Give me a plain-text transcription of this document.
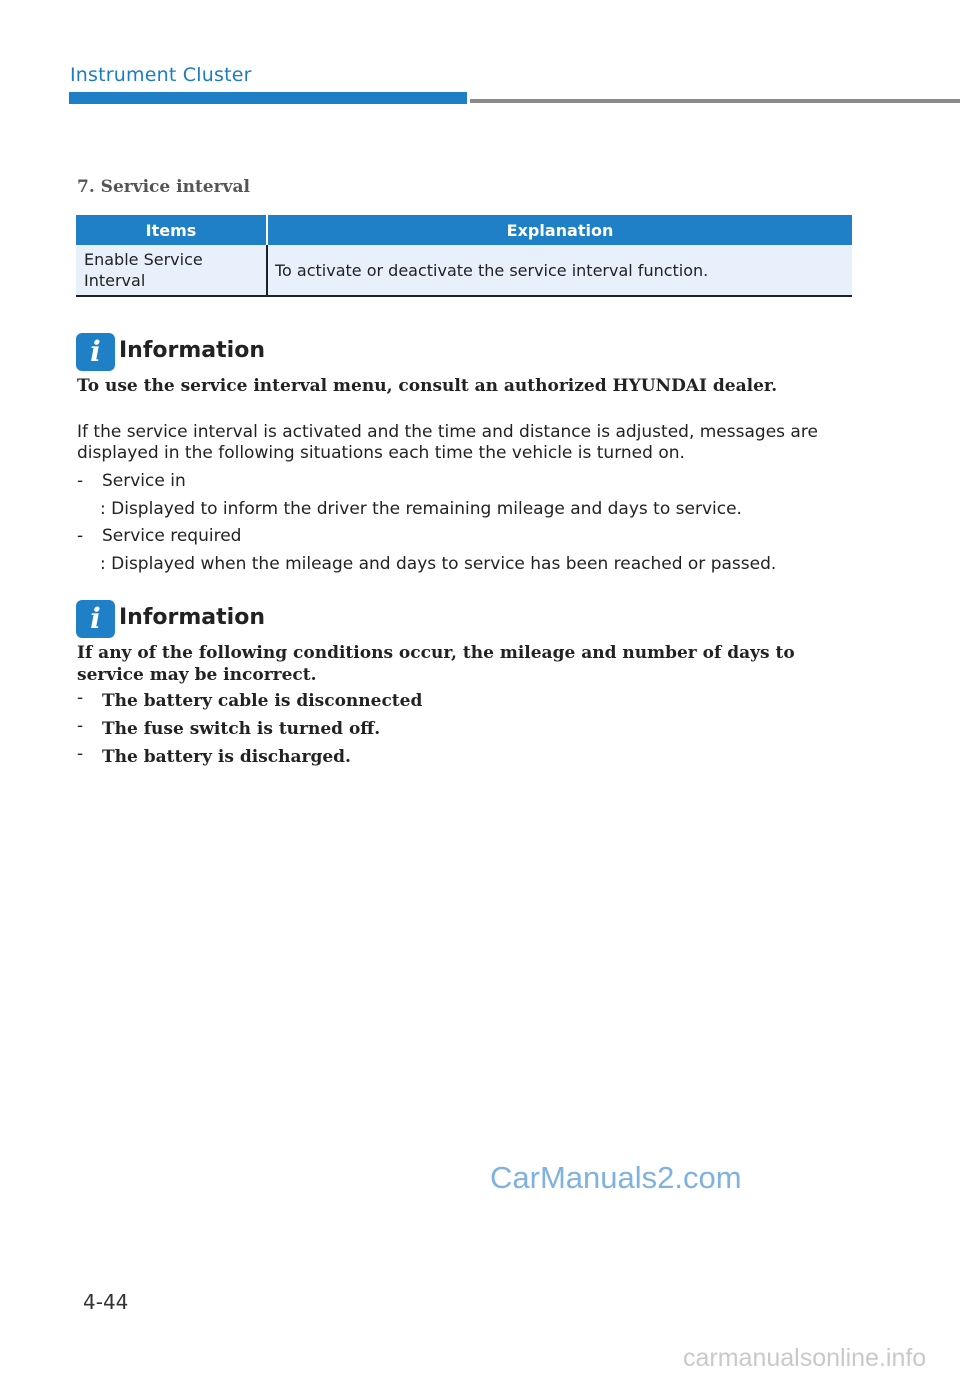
Instrument Cluster
7. Service interval
Items	Explanation
Enable Service Interval	To activate or deactivate the service interval function.
i Information
To use the service interval menu, consult an authorized HYUNDAI dealer.
If the service interval is activated and the time and distance is adjusted, messages are displayed in the following situations each time the vehicle is turned on.
- Service in
: Displayed to inform the driver the remaining mileage and days to service.
- Service required
: Displayed when the mileage and days to service has been reached or passed.
i Information
If any of the following conditions occur, the mileage and number of days to service may be incorrect.
- The battery cable is disconnected
- The fuse switch is turned off.
- The battery is discharged.
CarManuals2.com
4-44
carmanualsonline.info
